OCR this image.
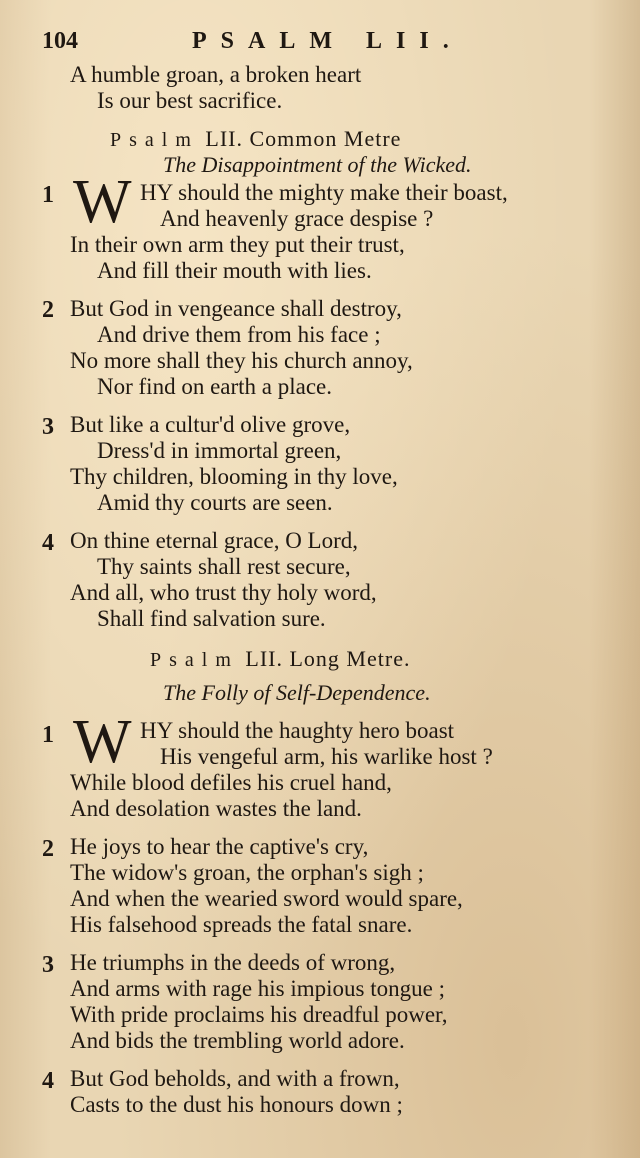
104	PSALM LII.
A humble groan, a broken heart
Is our best sacrifice.
Psalm LII. Common Metre
The Disappointment of the Wicked.
1 W HY should the mighty make their boast,
And heavenly grace despise ?
In their own arm they put their trust,
And fill their mouth with lies.
2 But God in vengeance shall destroy,
And drive them from his face ;
No more shall they his church annoy,
Nor find on earth a place.
3 But like a cultur'd olive grove,
Dress'd in immortal green,
Thy children, blooming in thy love,
Amid thy courts are seen.
4 On thine eternal grace, O Lord,
Thy saints shall rest secure,
And all, who trust thy holy word,
Shall find salvation sure.
Psalm LII. Long Metre.
The Folly of Self-Dependence.
1 W HY should the haughty hero boast
His vengeful arm, his warlike host ?
While blood defiles his cruel hand,
And desolation wastes the land.
2 He joys to hear the captive's cry,
The widow's groan, the orphan's sigh ;
And when the wearied sword would spare,
His falsehood spreads the fatal snare.
3 He triumphs in the deeds of wrong,
And arms with rage his impious tongue ;
With pride proclaims his dreadful power,
And bids the trembling world adore.
4 But God beholds, and with a frown,
Casts to the dust his honours down ;
